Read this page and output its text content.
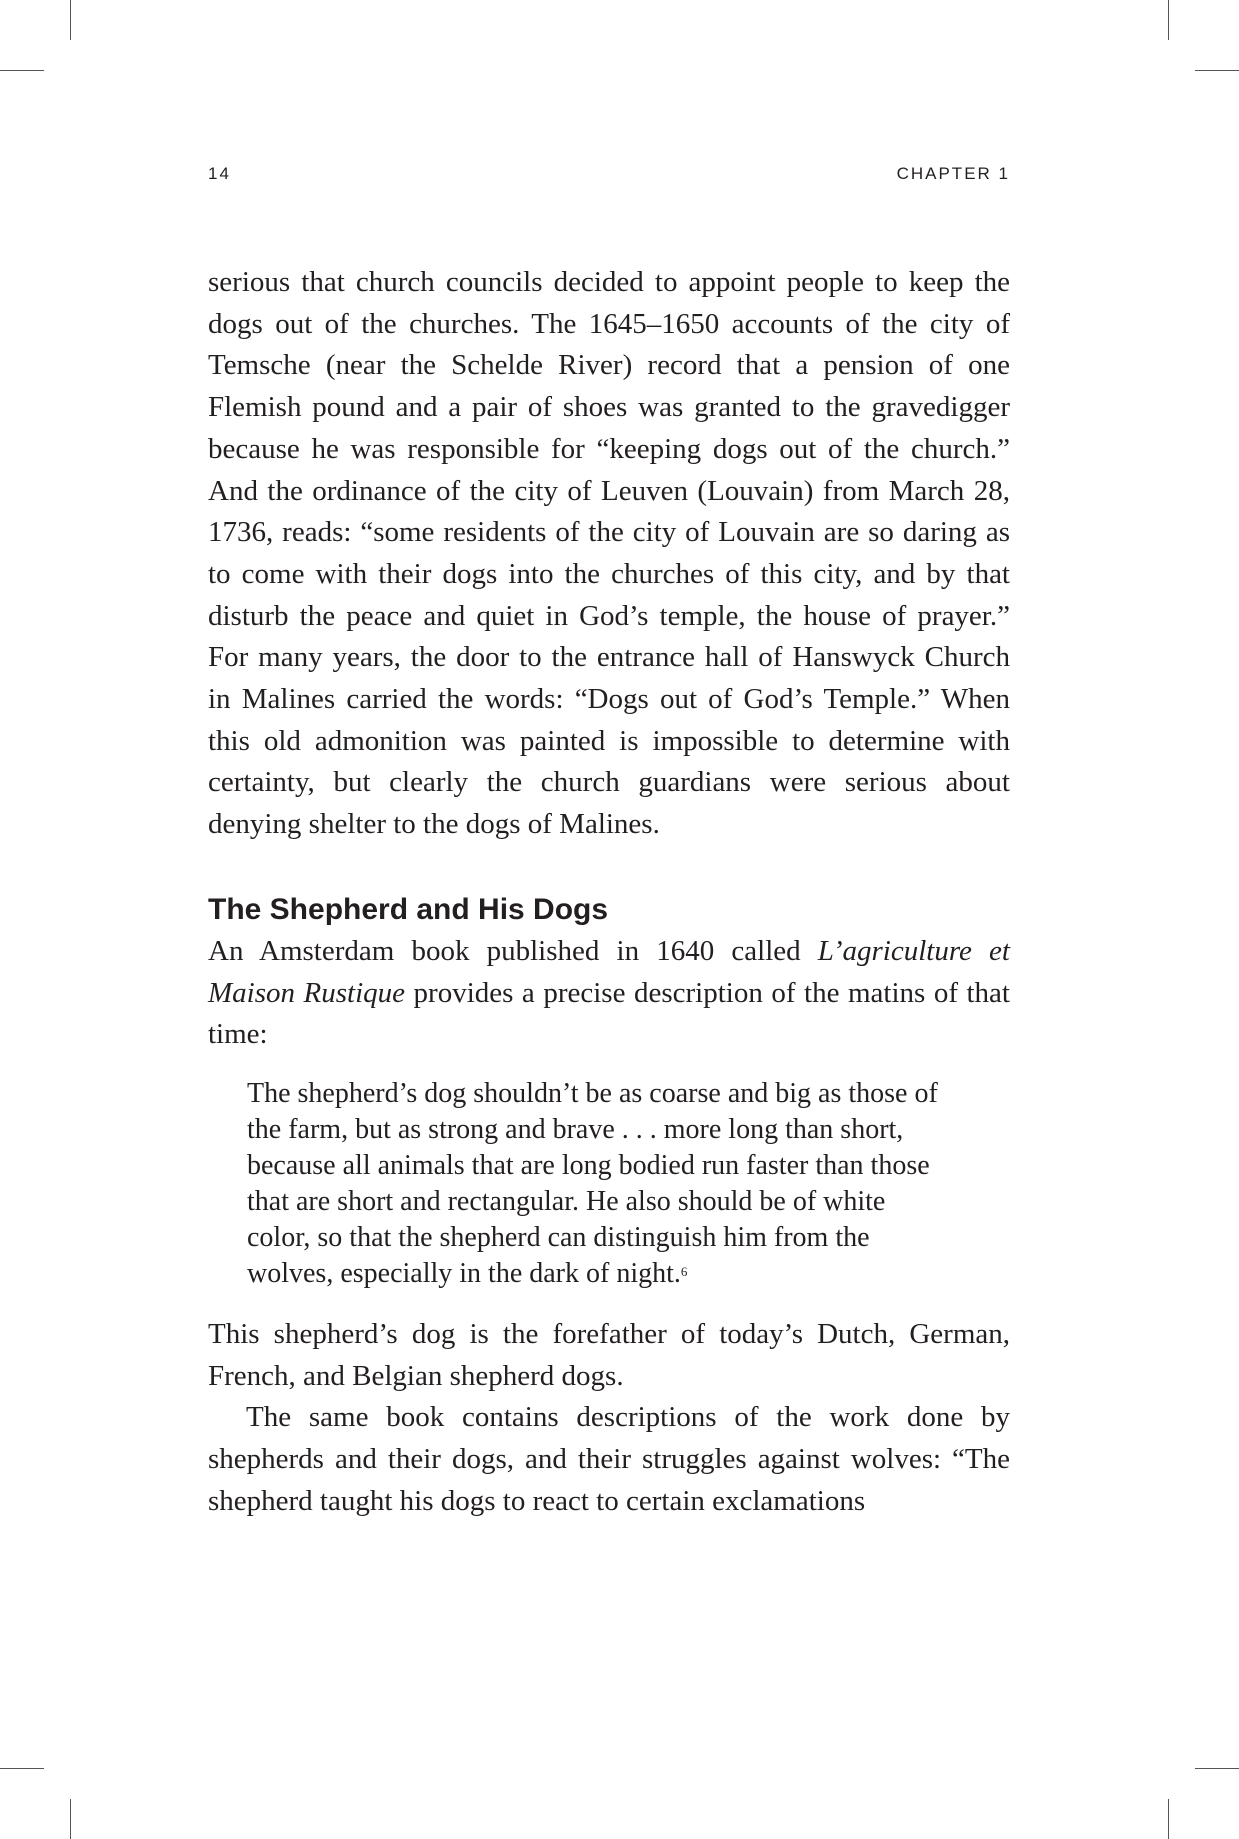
14	CHAPTER 1

serious that church councils decided to appoint people to keep the dogs out of the churches. The 1645–1650 accounts of the city of Temsche (near the Schelde River) record that a pension of one Flemish pound and a pair of shoes was granted to the gravedigger because he was responsible for “keeping dogs out of the church.” And the ordinance of the city of Leuven (Louvain) from March 28, 1736, reads: “some residents of the city of Louvain are so daring as to come with their dogs into the churches of this city, and by that disturb the peace and quiet in God’s temple, the house of prayer.” For many years, the door to the entrance hall of Hanswyck Church in Malines carried the words: “Dogs out of God’s Temple.” When this old admonition was painted is impossible to determine with certainty, but clearly the church guardians were serious about denying shelter to the dogs of Malines.

The Shepherd and His Dogs

An Amsterdam book published in 1640 called L’agriculture et Maison Rustique provides a precise description of the matins of that time:

The shepherd’s dog shouldn’t be as coarse and big as those of
the farm, but as strong and brave . . . more long than short,
because all animals that are long bodied run faster than those
that are short and rectangular. He also should be of white
color, so that the shepherd can distinguish him from the
wolves, especially in the dark of night.$^6$

This shepherd’s dog is the forefather of today’s Dutch, German, French, and Belgian shepherd dogs.

The same book contains descriptions of the work done by shepherds and their dogs, and their struggles against wolves: “The shepherd taught his dogs to react to certain exclamations
